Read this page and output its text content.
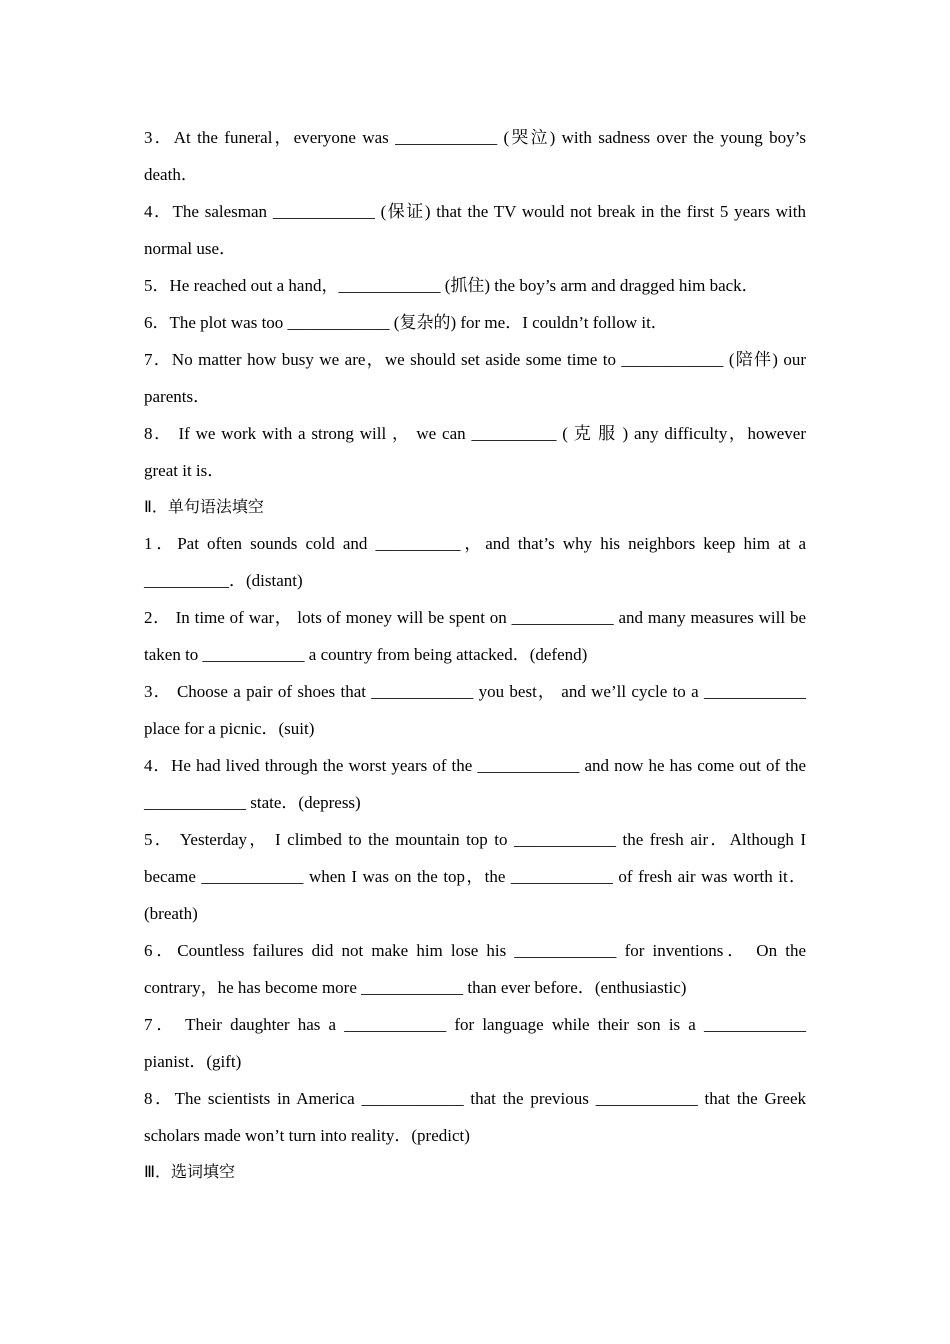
3．At the funeral，everyone was ____________ (哭泣) with sadness over the young boy’s death．

4．The salesman ____________ (保证) that the TV would not break in the first 5 years with normal use．

5．He reached out a hand，____________ (抓住) the boy’s arm and dragged him back．

6．The plot was too ____________ (复杂的) for me．I couldn’t follow it．

7．No matter how busy we are，we should set aside some time to ____________ (陪伴) our parents．

8． If we work with a strong will ， we can __________ ( 克 服 ) any difficulty，however great it is．

Ⅱ．单句语法填空

1．Pat often sounds cold and __________，and that’s why his neighbors keep him at a __________．(distant)

2． In time of war， lots of money will be spent on ____________ and many measures will be taken to ____________ a country from being attacked．(defend)

3． Choose a pair of shoes that ____________ you best， and we’ll cycle to a ____________ place for a picnic．(suit)

4．He had lived through the worst years of the ____________ and now he has come out of the ____________ state．(depress)

5． Yesterday， I climbed to the mountain top to ____________ the fresh air．Although I became ____________ when I was on the top，the ____________ of fresh air was worth it．(breath)

6．Countless failures did not make him lose his ____________ for inventions． On the contrary，he has become more ____________ than ever before．(enthusiastic)

7． Their daughter has a ____________ for language while their son is a ____________ pianist．(gift)

8．The scientists in America ____________ that the previous ____________ that the Greek scholars made won’t turn into reality．(predict)

Ⅲ．选词填空
